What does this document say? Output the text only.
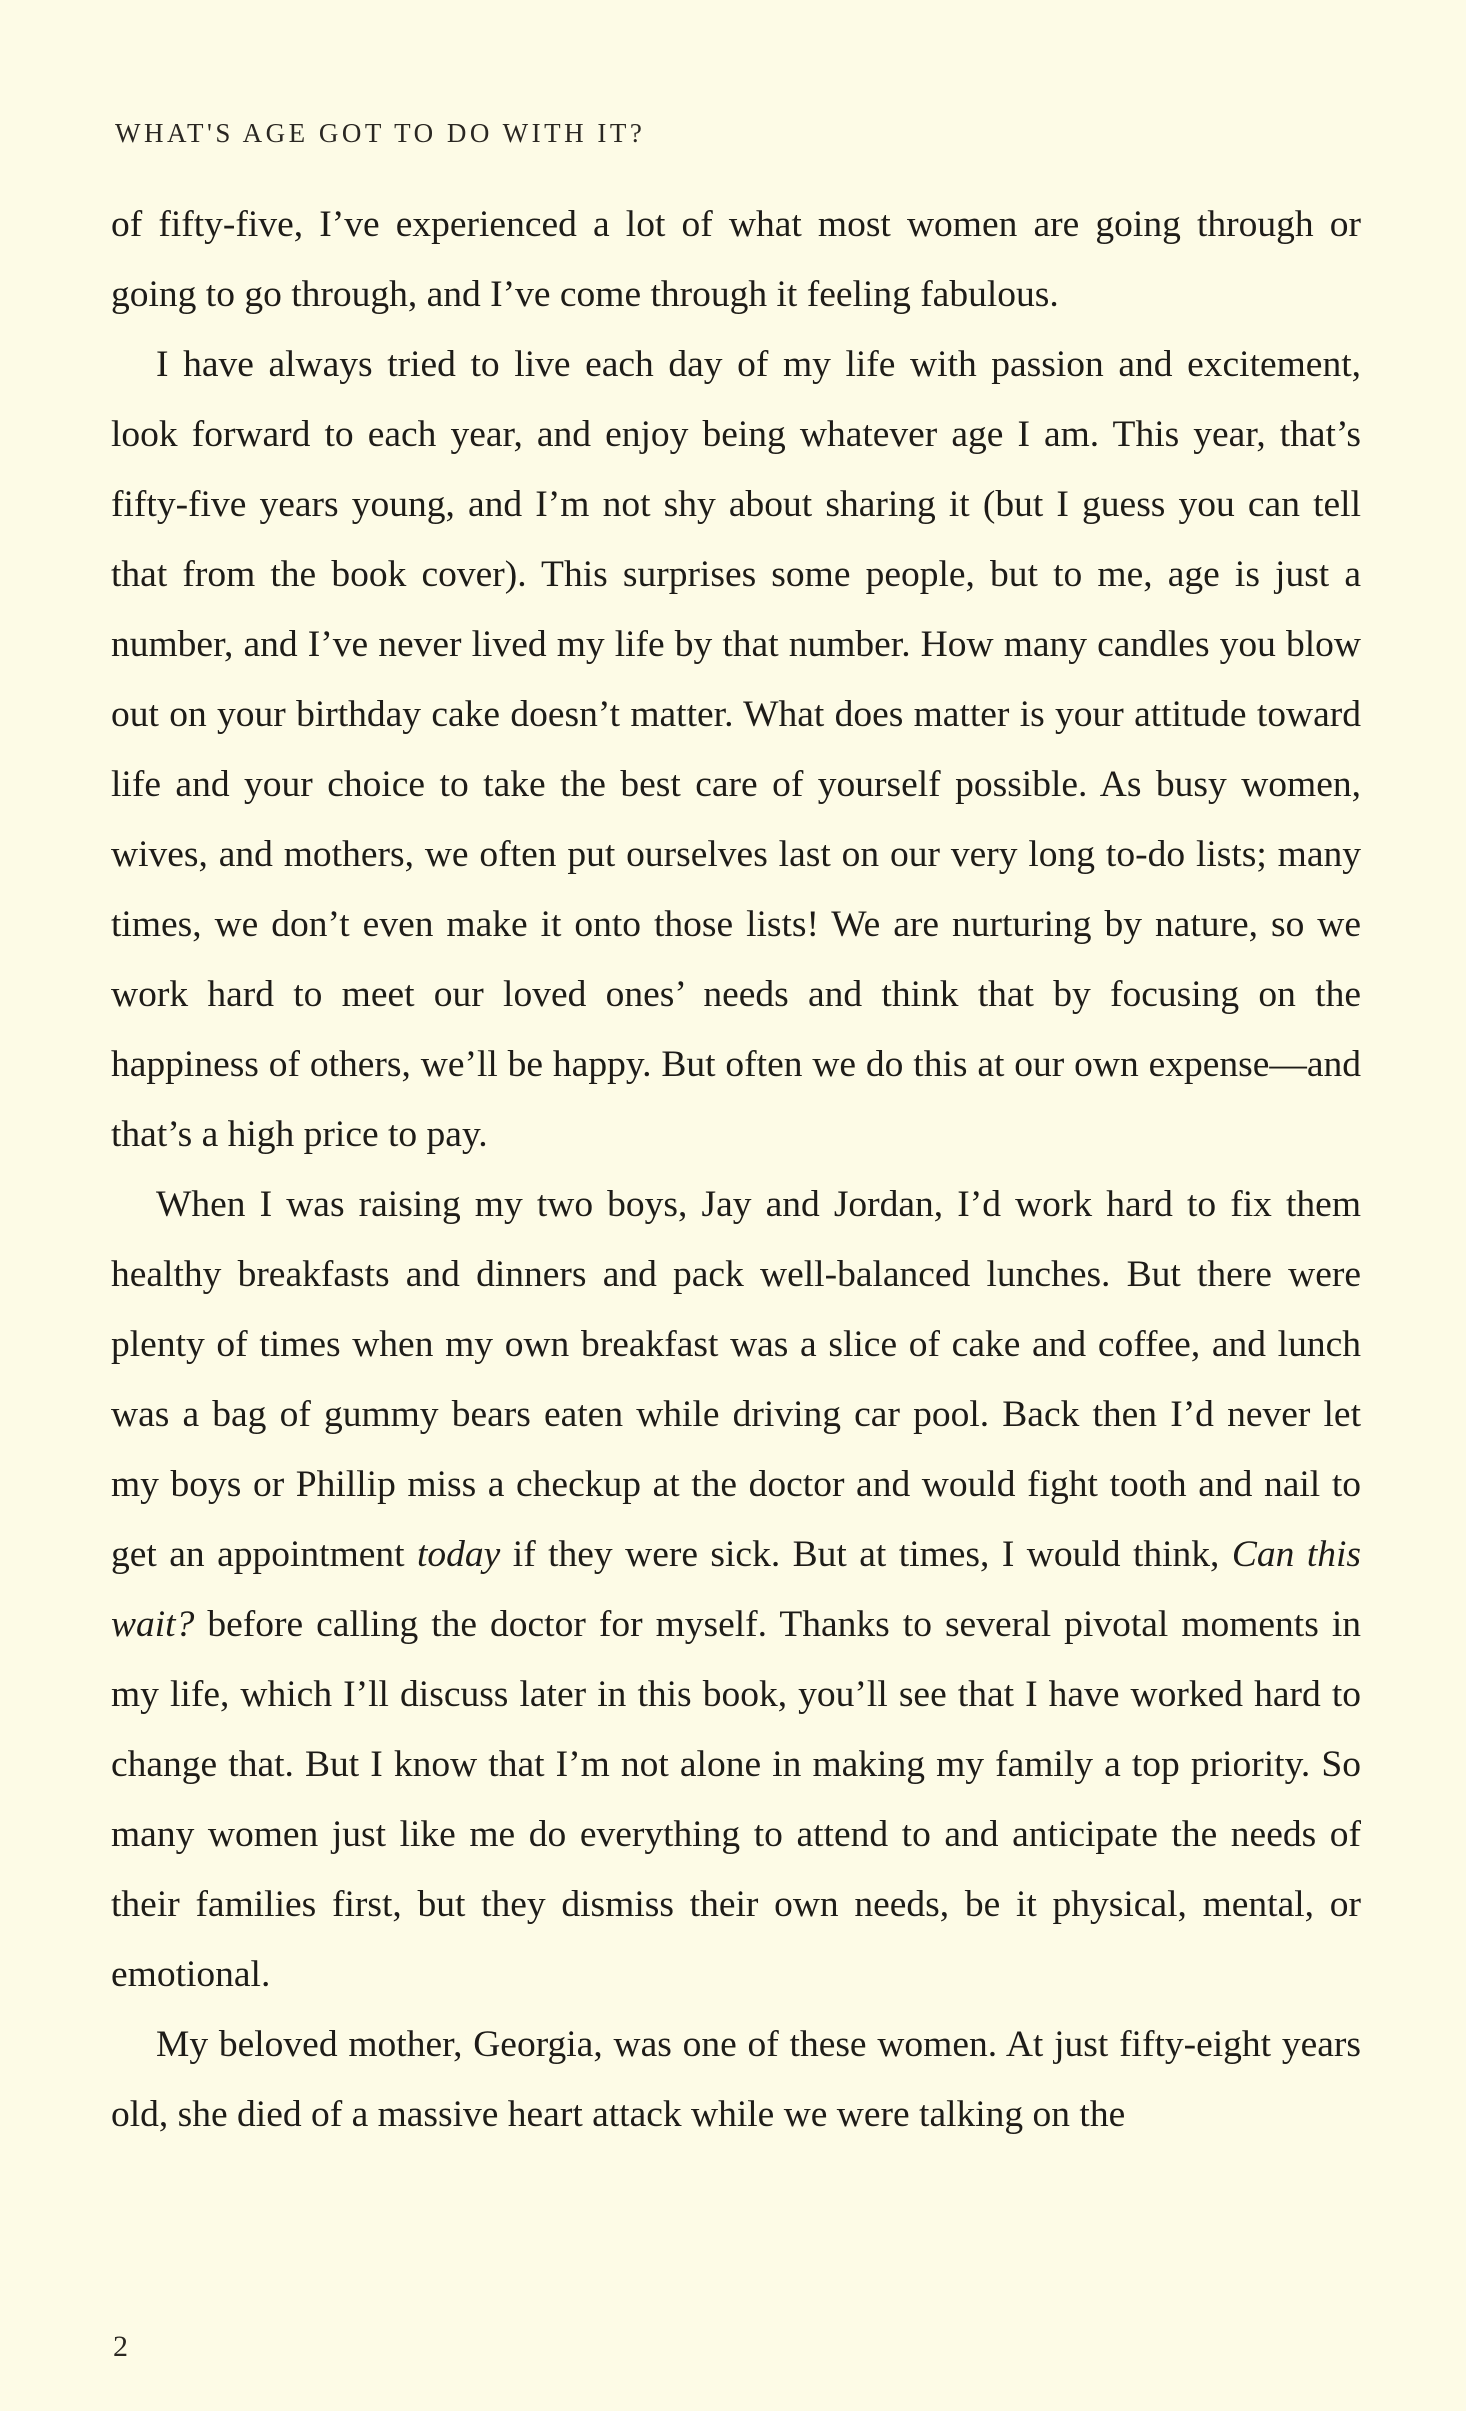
WHAT'S AGE GOT TO DO WITH IT?

of fifty-five, I’ve experienced a lot of what most women are going through or going to go through, and I’ve come through it feeling fabulous.

I have always tried to live each day of my life with passion and excitement, look forward to each year, and enjoy being whatever age I am. This year, that’s fifty-five years young, and I’m not shy about sharing it (but I guess you can tell that from the book cover). This surprises some people, but to me, age is just a number, and I’ve never lived my life by that number. How many candles you blow out on your birthday cake doesn’t matter. What does matter is your attitude toward life and your choice to take the best care of yourself possible. As busy women, wives, and mothers, we often put ourselves last on our very long to-do lists; many times, we don’t even make it onto those lists! We are nurturing by nature, so we work hard to meet our loved ones’ needs and think that by focusing on the happiness of others, we’ll be happy. But often we do this at our own expense—and that’s a high price to pay.

When I was raising my two boys, Jay and Jordan, I’d work hard to fix them healthy breakfasts and dinners and pack well-balanced lunches. But there were plenty of times when my own breakfast was a slice of cake and coffee, and lunch was a bag of gummy bears eaten while driving car pool. Back then I’d never let my boys or Phillip miss a checkup at the doctor and would fight tooth and nail to get an appointment today if they were sick. But at times, I would think, Can this wait? before calling the doctor for myself. Thanks to several pivotal moments in my life, which I’ll discuss later in this book, you’ll see that I have worked hard to change that. But I know that I’m not alone in making my family a top priority. So many women just like me do everything to attend to and anticipate the needs of their families first, but they dismiss their own needs, be it physical, mental, or emotional.

My beloved mother, Georgia, was one of these women. At just fifty-eight years old, she died of a massive heart attack while we were talking on the

2
